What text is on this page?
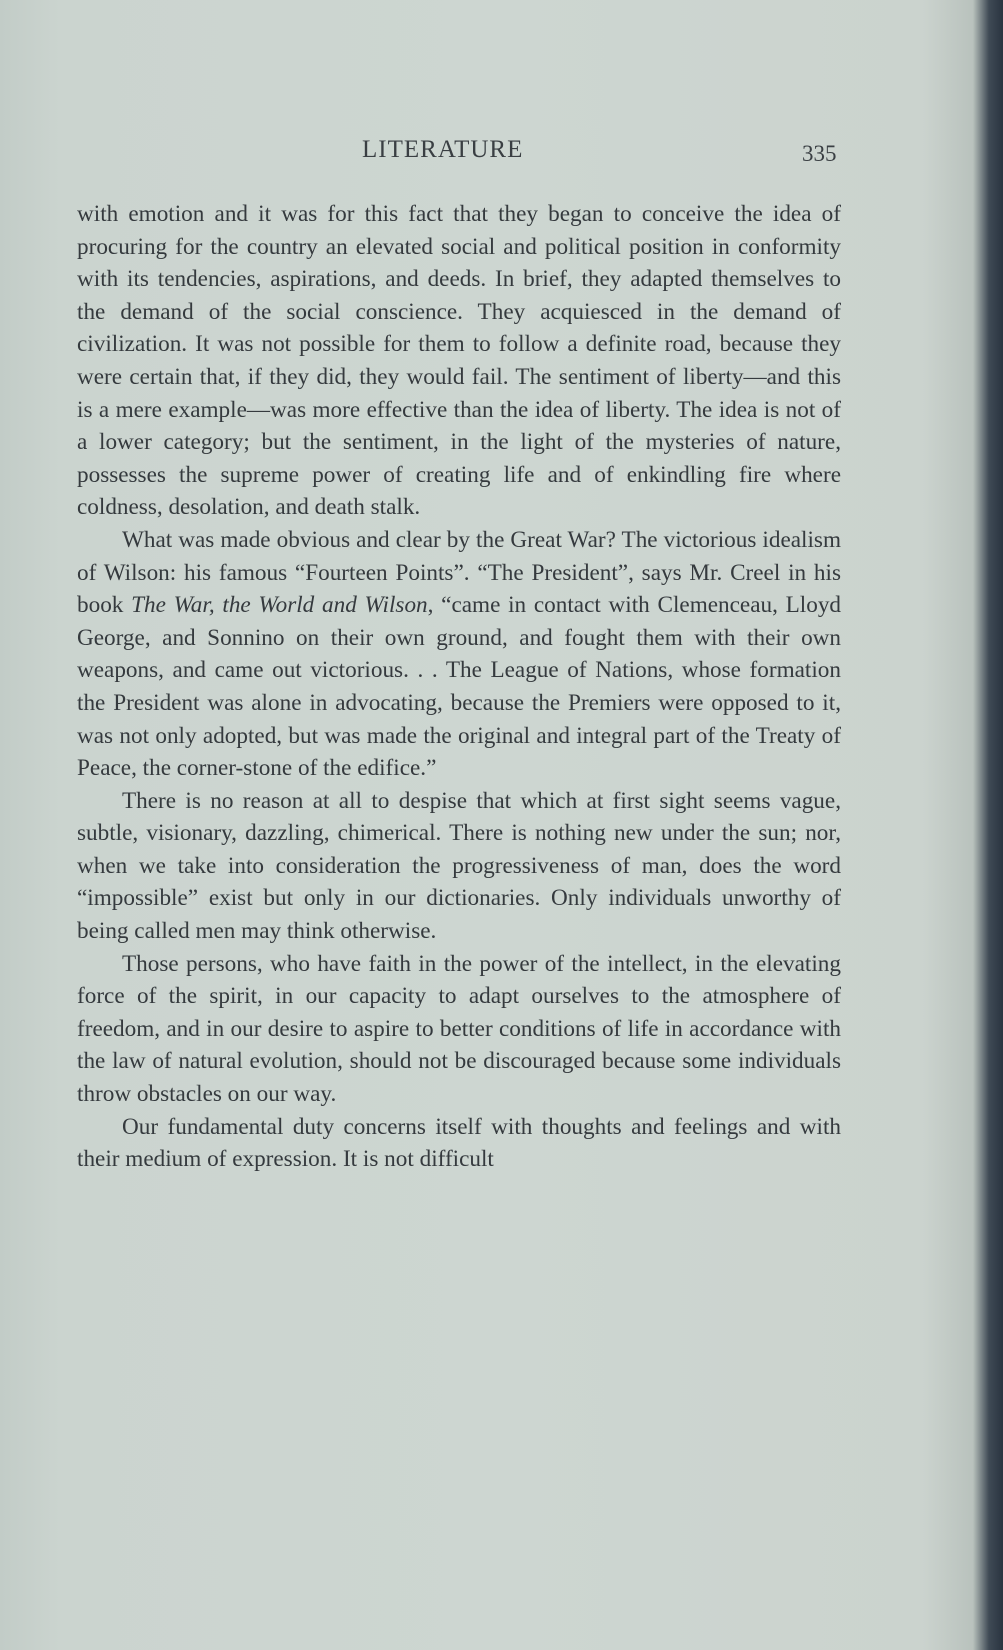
LITERATURE	335

with emotion and it was for this fact that they began to conceive the idea of procuring for the country an elevated social and political position in conformity with its tendencies, aspirations, and deeds. In brief, they adapted themselves to the demand of the social conscience. They acquiesced in the demand of civilization. It was not possible for them to follow a definite road, because they were certain that, if they did, they would fail. The sentiment of liberty—and this is a mere example—was more effective than the idea of liberty. The idea is not of a lower category; but the sentiment, in the light of the mysteries of nature, possesses the supreme power of creating life and of enkindling fire where coldness, desolation, and death stalk.

What was made obvious and clear by the Great War? The victorious idealism of Wilson: his famous “Fourteen Points”. “The President”, says Mr. Creel in his book The War, the World and Wilson, “came in contact with Clemenceau, Lloyd George, and Sonnino on their own ground, and fought them with their own weapons, and came out victorious. . . The League of Nations, whose formation the President was alone in advocating, because the Premiers were opposed to it, was not only adopted, but was made the original and integral part of the Treaty of Peace, the corner-stone of the edifice.”

There is no reason at all to despise that which at first sight seems vague, subtle, visionary, dazzling, chimerical. There is nothing new under the sun; nor, when we take into consideration the progressiveness of man, does the word “impossible” exist but only in our dictionaries. Only individuals unworthy of being called men may think otherwise.

Those persons, who have faith in the power of the intellect, in the elevating force of the spirit, in our capacity to adapt ourselves to the atmosphere of freedom, and in our desire to aspire to better conditions of life in accordance with the law of natural evolution, should not be discouraged because some individuals throw obstacles on our way.

Our fundamental duty concerns itself with thoughts and feelings and with their medium of expression. It is not difficult
